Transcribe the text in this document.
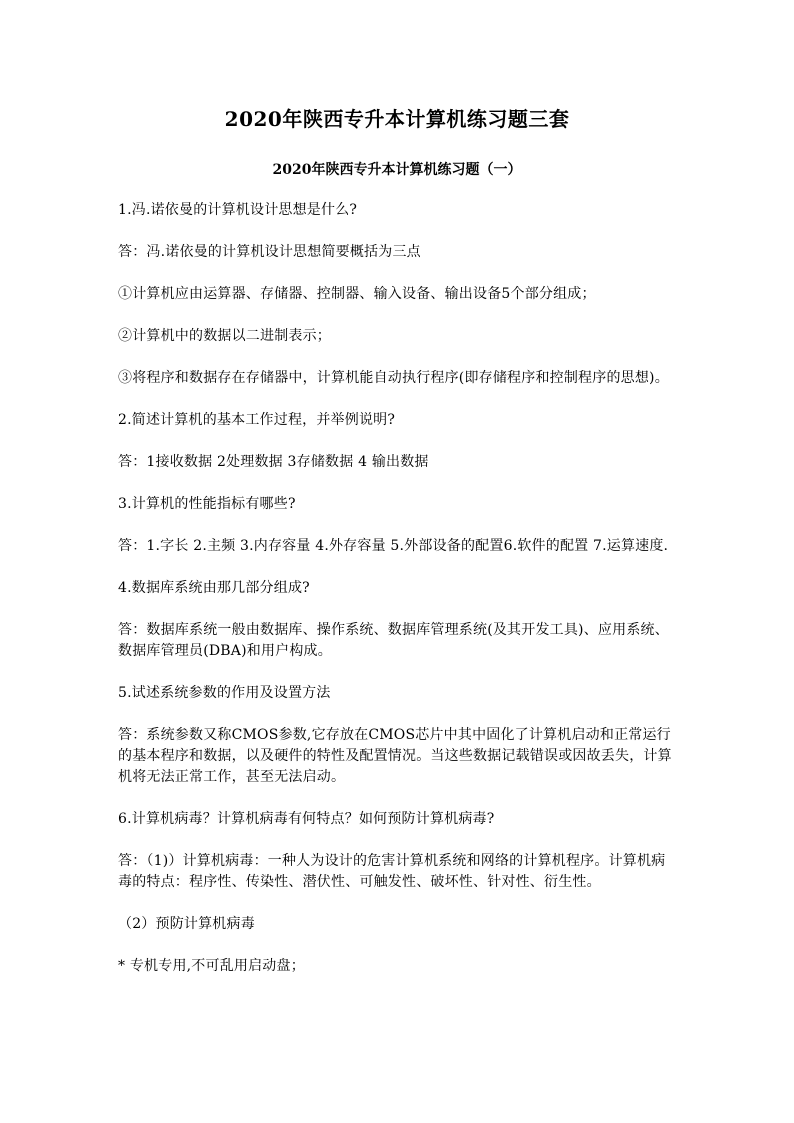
2020年陕西专升本计算机练习题三套
2020年陕西专升本计算机练习题（一）

1.冯.诺依曼的计算机设计思想是什么?

答：冯.诺依曼的计算机设计思想简要概括为三点

①计算机应由运算器、存储器、控制器、输入设备、输出设备5个部分组成；

②计算机中的数据以二进制表示；

③将程序和数据存在存储器中，计算机能自动执行程序(即存储程序和控制程序的思想)。

2.简述计算机的基本工作过程，并举例说明?

答：1接收数据 2处理数据 3存储数据 4 输出数据

3.计算机的性能指标有哪些?

答：1.字长 2.主频 3.内存容量 4.外存容量 5.外部设备的配置6.软件的配置 7.运算速度.

4.数据库系统由那几部分组成?

答：数据库系统一般由数据库、操作系统、数据库管理系统(及其开发工具)、应用系统、数据库管理员(DBA)和用户构成。

5.试述系统参数的作用及设置方法

答：系统参数又称CMOS参数,它存放在CMOS芯片中其中固化了计算机启动和正常运行的基本程序和数据，以及硬件的特性及配置情况。当这些数据记载错误或因故丢失，计算机将无法正常工作，甚至无法启动。

6.计算机病毒？计算机病毒有何特点？如何预防计算机病毒?

答：（1)）计算机病毒：一种人为设计的危害计算机系统和网络的计算机程序。计算机病毒的特点：程序性、传染性、潜伏性、可触发性、破坏性、针对性、衍生性。

（2）预防计算机病毒

* 专机专用,不可乱用启动盘；
